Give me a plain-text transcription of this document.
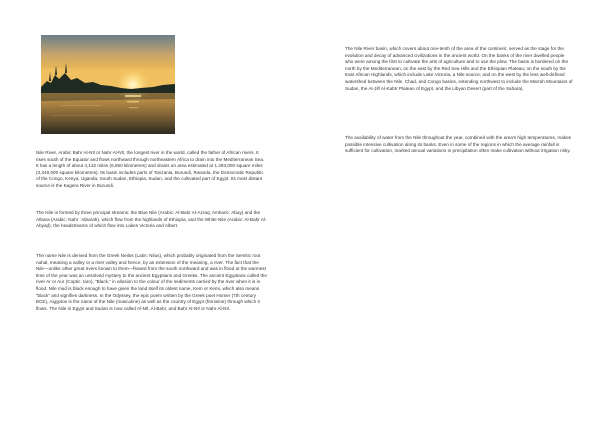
Nile River, Arabic Bahr Al-Nīl or Nahr Al-Nīl, the longest river in the world, called the father of African rivers. It rises south of the Equator and flows northward through northeastern Africa to drain into the Mediterranean Sea. It has a length of about 4,132 miles (6,650 kilometres) and drains an area estimated at 1,293,000 square miles (3,349,000 square kilometres). Its basin includes parts of Tanzania, Burundi, Rwanda, the Democratic Republic of the Congo, Kenya, Uganda, South Sudan, Ethiopia, Sudan, and the cultivated part of Egypt. Its most distant source is the Kagera River in Burundi.

The Nile is formed by three principal streams: the Blue Nile (Arabic: Al-Baḥr Al-Azraq; Amharic: Abay) and the Atbara (Arabic: Nahr ʿAṭbarah), which flow from the highlands of Ethiopia, and the White Nile (Arabic: Al-Baḥr Al-Abyaḍ), the headstreams of which flow into Lakes Victoria and Albert.

The name Nile is derived from the Greek Neilos (Latin: Nilus), which probably originated from the Semitic root nahal, meaning a valley or a river valley and hence, by an extension of the meaning, a river. The fact that the Nile—unlike other great rivers known to them—flowed from the south northward and was in flood at the warmest time of the year was an unsolved mystery to the ancient Egyptians and Greeks. The ancient Egyptians called the river Ar or Aur (Coptic: Iaro), “Black,” in allusion to the colour of the sediments carried by the river when it is in flood. Nile mud is black enough to have given the land itself its oldest name, Kem or Kemi, which also means “black” and signifies darkness. In the Odyssey, the epic poem written by the Greek poet Homer (7th century BCE), Aigyptos is the name of the Nile (masculine) as well as the country of Egypt (feminine) through which it flows. The Nile in Egypt and Sudan is now called Al-Nīl, Al-Baḥr, and Baḥr Al-Nīl or Nahr Al-Nīl.

The Nile River basin, which covers about one-tenth of the area of the continent, served as the stage for the evolution and decay of advanced civilizations in the ancient world. On the banks of the river dwelled people who were among the first to cultivate the arts of agriculture and to use the plow. The basin is bordered on the north by the Mediterranean; on the east by the Red Sea Hills and the Ethiopian Plateau; on the south by the East African Highlands, which include Lake Victoria, a Nile source; and on the west by the less well-defined watershed between the Nile, Chad, and Congo basins, extending northwest to include the Marrah Mountains of Sudan, the Al-Jilf Al-Kabīr Plateau of Egypt, and the Libyan Desert (part of the Sahara).

The availability of water from the Nile throughout the year, combined with the area's high temperatures, makes possible intensive cultivation along its banks. Even in some of the regions in which the average rainfall is sufficient for cultivation, marked annual variations in precipitation often make cultivation without irrigation risky.
